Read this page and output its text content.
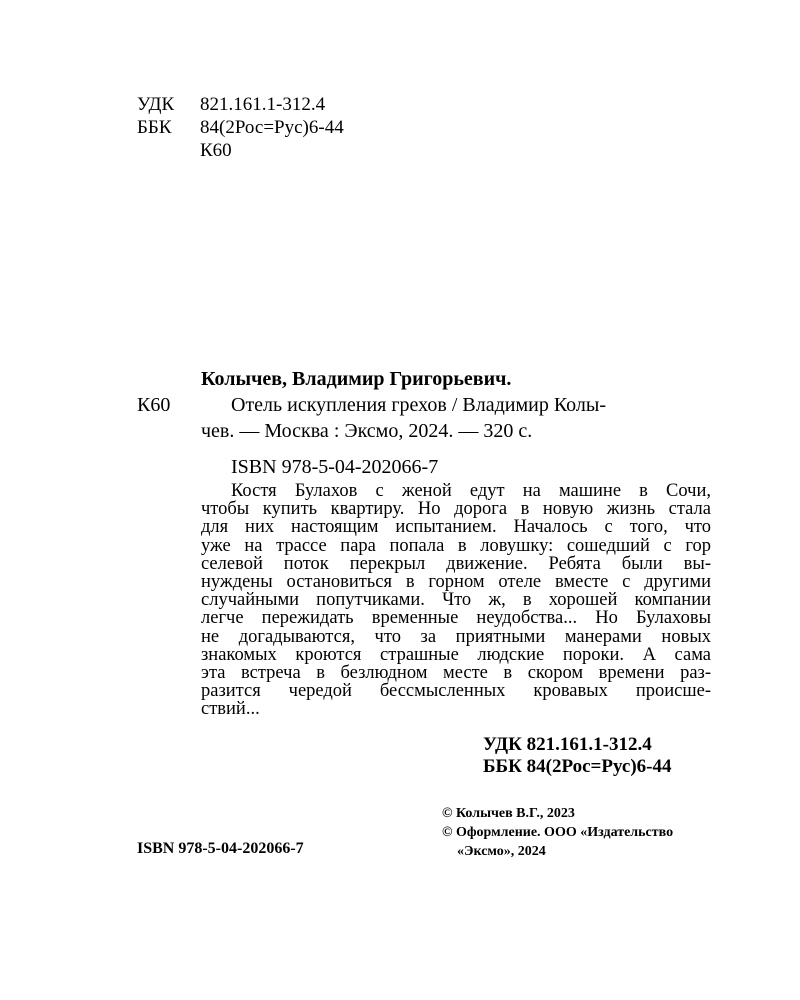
УДК 821.161.1-312.4
ББК 84(2Рос=Рус)6-44
К60
Колычев, Владимир Григорьевич.
К60	Отель искупления грехов / Владимир Колы-
чев. — Москва : Эксмо, 2024. — 320 с.
ISBN 978-5-04-202066-7
Костя Булахов с женой едут на машине в Сочи,
чтобы купить квартиру. Но дорога в новую жизнь стала
для них настоящим испытанием. Началось с того, что
уже на трассе пара попала в ловушку: сошедший с гор
селевой поток перекрыл движение. Ребята были вы-
нуждены остановиться в горном отеле вместе с другими
случайными попутчиками. Что ж, в хорошей компании
легче пережидать временные неудобства... Но Булаховы
не догадываются, что за приятными манерами новых
знакомых кроются страшные людские пороки. А сама
эта встреча в безлюдном месте в скором времени раз-
разится чередой бессмысленных кровавых происше-
ствий...
УДК 821.161.1-312.4
ББК 84(2Рос=Рус)6-44
© Колычев В.Г., 2023
© Оформление. ООО «Издательство
«Эксмо», 2024
ISBN 978-5-04-202066-7
